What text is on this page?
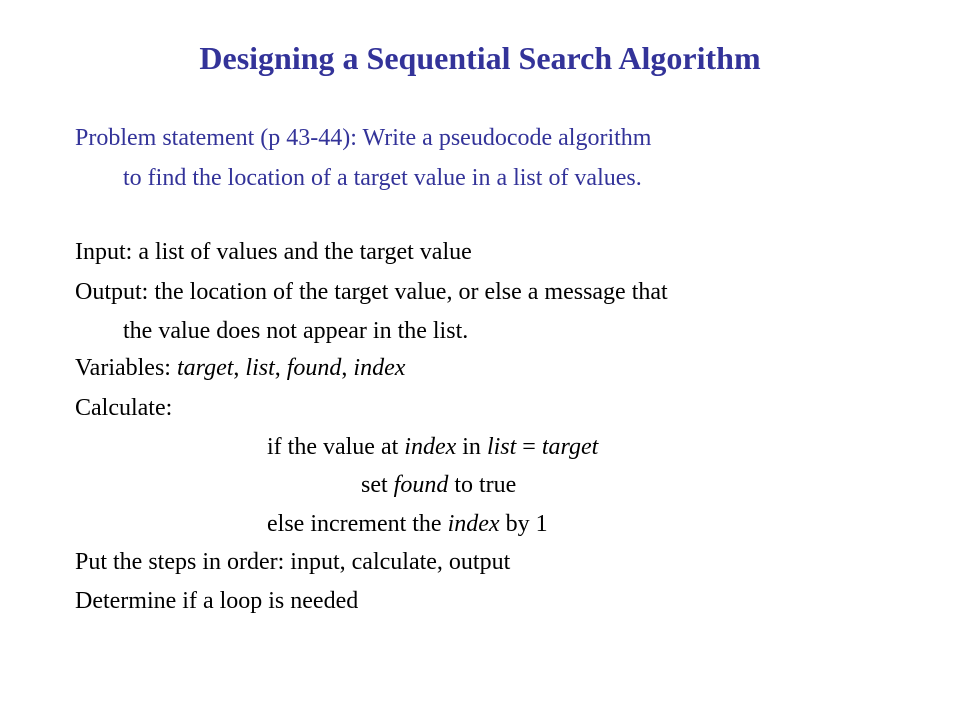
Designing a Sequential Search Algorithm
Problem statement (p 43-44): Write a pseudocode algorithm
to find the location of a target value in a list of values.
Input: a list of values and the target value
Output: the location of the target value, or else a message that
the value does not appear in the list.
Variables: target, list, found, index
Calculate:
if the value at index in list = target
set found to true
else increment the index by 1
Put the steps in order: input, calculate, output
Determine if a loop is needed
